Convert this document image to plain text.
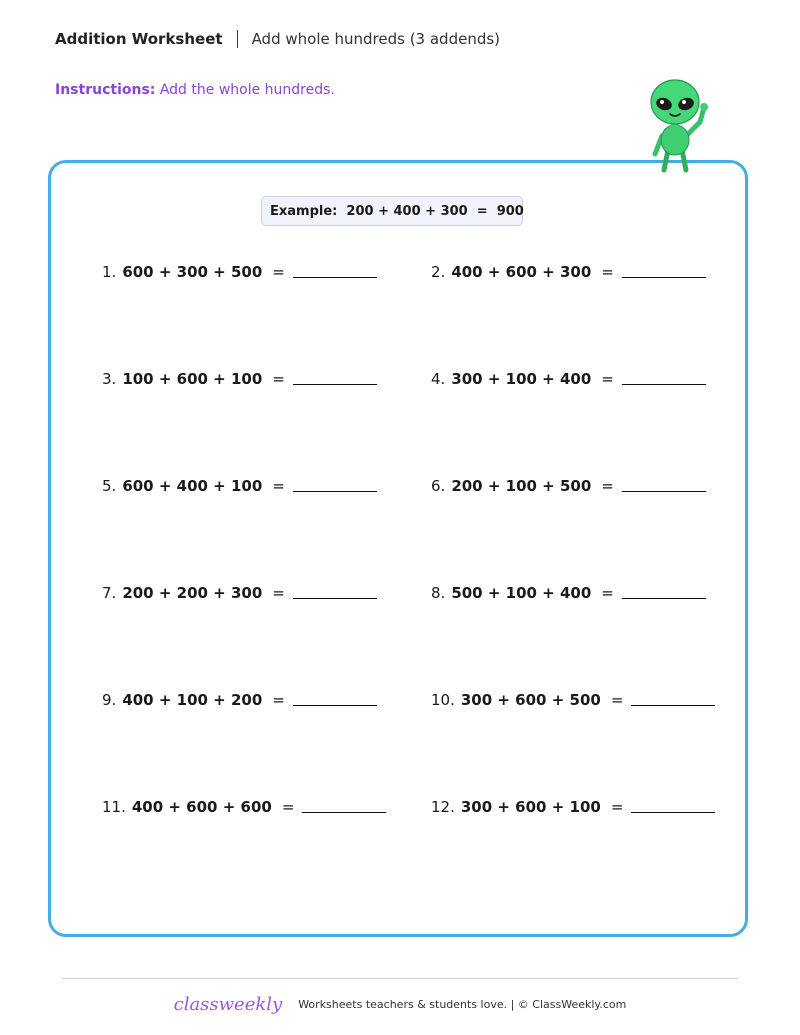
Addition Worksheet Add whole hundreds (3 addends)
Instructions: Add the whole hundreds.
Example:  200 + 400 + 300  =  900
1. 600 + 300 + 500 =	2. 400 + 600 + 300 =
3. 100 + 600 + 100 =	4. 300 + 100 + 400 =
5. 600 + 400 + 100 =	6. 200 + 100 + 500 =
7. 200 + 200 + 300 =	8. 500 + 100 + 400 =
9. 400 + 100 + 200 =	10. 300 + 600 + 500 =
11. 400 + 600 + 600 =	12. 300 + 600 + 100 =
classweekly Worksheets teachers & students love. | © ClassWeekly.com
